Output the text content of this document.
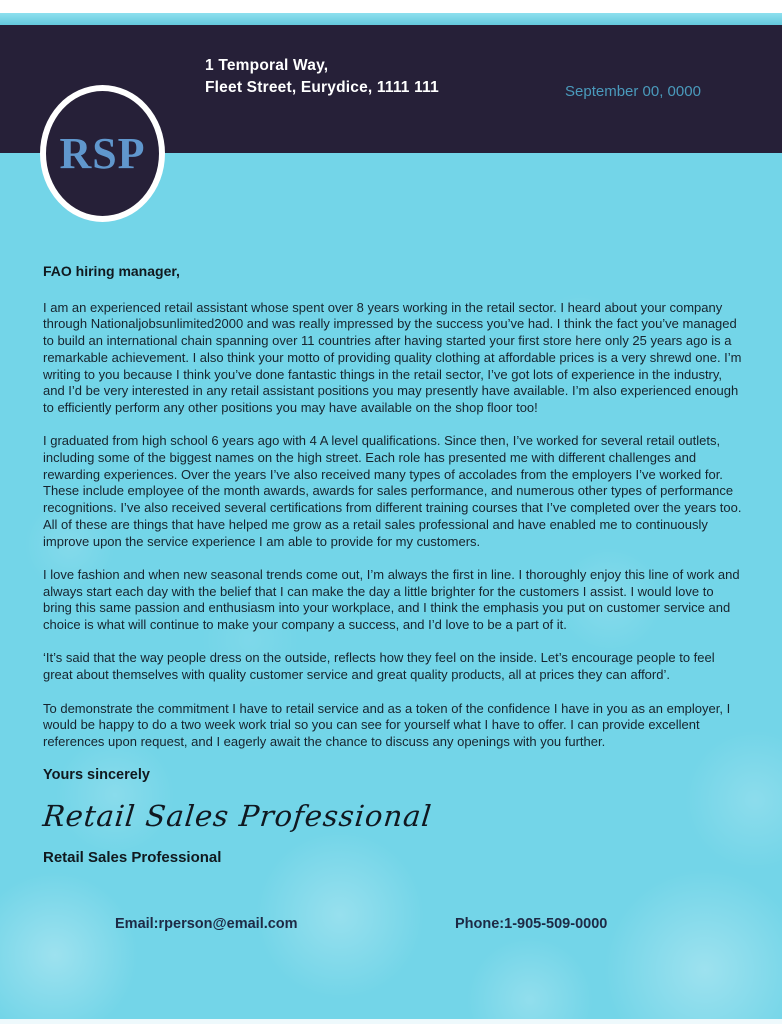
RSP
1 Temporal Way,
Fleet Street, Eurydice, 1111 111	September 00, 0000
FAO hiring manager,

I am an experienced retail assistant whose spent over 8 years working in the retail sector. I heard about your company through Nationaljobsunlimited2000 and was really impressed by the success you’ve had. I think the fact you’ve managed to build an international chain spanning over 11 countries after having started your first store here only 25 years ago is a remarkable achievement. I also think your motto of providing quality clothing at affordable prices is a very shrewd one. I’m writing to you because I think you’ve done fantastic things in the retail sector, I’ve got lots of experience in the industry, and I’d be very interested in any retail assistant positions you may presently have available. I’m also experienced enough to efficiently perform any other positions you may have available on the shop floor too!

I graduated from high school 6 years ago with 4 A level qualifications. Since then, I’ve worked for several retail outlets, including some of the biggest names on the high street. Each role has presented me with different challenges and rewarding experiences. Over the years I’ve also received many types of accolades from the employers I’ve worked for. These include employee of the month awards, awards for sales performance, and numerous other types of performance recognitions. I’ve also received several certifications from different training courses that I’ve completed over the years too. All of these are things that have helped me grow as a retail sales professional and have enabled me to continuously improve upon the service experience I am able to provide for my customers.

I love fashion and when new seasonal trends come out, I’m always the first in line. I thoroughly enjoy this line of work and always start each day with the belief that I can make the day a little brighter for the customers I assist. I would love to bring this same passion and enthusiasm into your workplace, and I think the emphasis you put on customer service and choice is what will continue to make your company a success, and I’d love to be a part of it.

‘It’s said that the way people dress on the outside, reflects how they feel on the inside. Let’s encourage people to feel great about themselves with quality customer service and great quality products, all at prices they can afford’.

To demonstrate the commitment I have to retail service and as a token of the confidence I have in you as an employer, I would be happy to do a two week work trial so you can see for yourself what I have to offer. I can provide excellent references upon request, and I eagerly await the chance to discuss any openings with you further.

Yours sincerely
Retail Sales Professional
Retail Sales Professional
Email:rperson@email.com	Phone:1-905-509-0000
